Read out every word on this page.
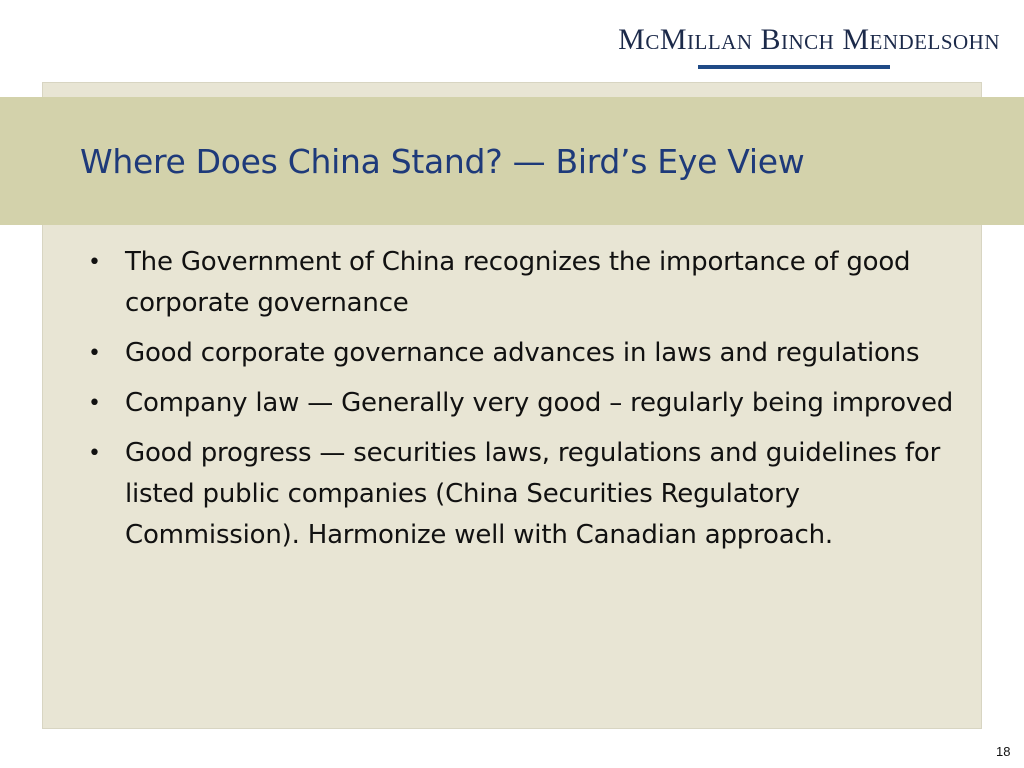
McMillan Binch Mendelsohn
Where Does China Stand? — Bird’s Eye View
• The Government of China recognizes the importance of good corporate governance
• Good corporate governance advances in laws and regulations
• Company law — Generally very good – regularly being improved
• Good progress — securities laws, regulations and guidelines for listed public companies (China Securities Regulatory Commission). Harmonize well with Canadian approach.
18
